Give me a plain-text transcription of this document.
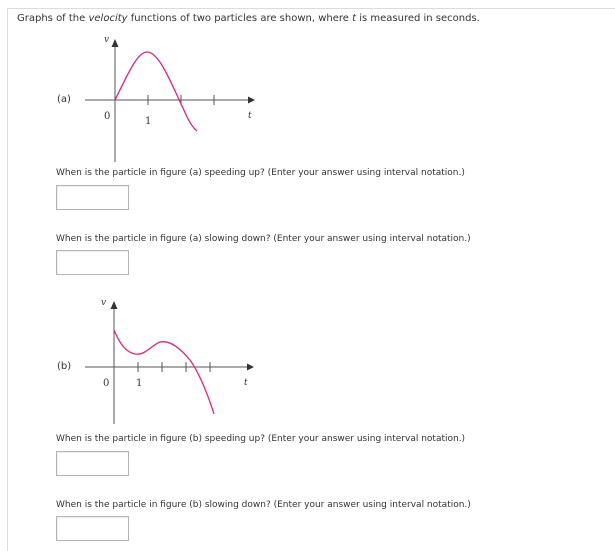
Graphs of the velocity functions of two particles are shown, where t is measured in seconds.
(a)
v
t
0	1
When is the particle in figure (a) speeding up? (Enter your answer using interval notation.)
When is the particle in figure (a) slowing down? (Enter your answer using interval notation.)
(b)
v
t
0	1
When is the particle in figure (b) speeding up? (Enter your answer using interval notation.)
When is the particle in figure (b) slowing down? (Enter your answer using interval notation.)
